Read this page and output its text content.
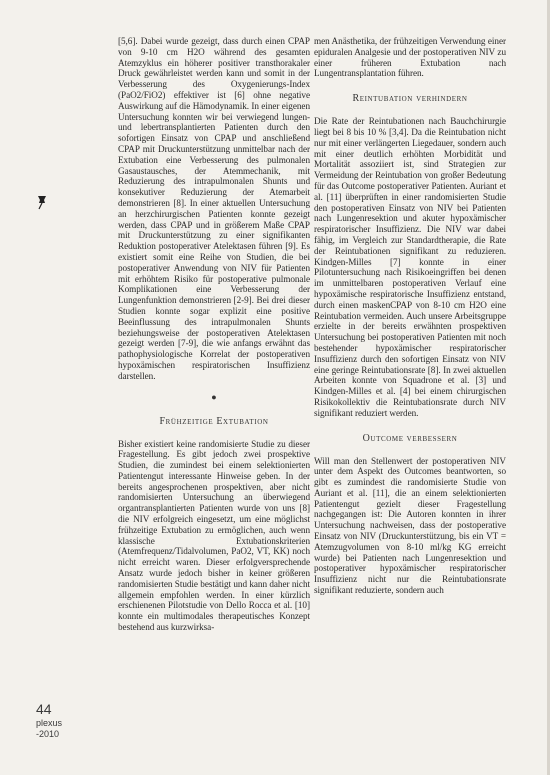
[5,6]. Dabei wurde gezeigt, dass durch einen CPAP von 9-10 cm H2O während des gesamten Atemzyklus ein höherer positiver transthorakaler Druck gewährleistet werden kann und somit in der Verbesserung des Oxygenierungs-Index (PaO2/FiO2) effektiver ist [6] ohne negative Auswirkung auf die Hämodynamik. In einer eigenen Untersuchung konnten wir bei verwiegend lungen- und lebertransplantierten Patienten durch den sofortigen Einsatz von CPAP und anschließend CPAP mit Druckunterstützung unmittelbar nach der Extubation eine Verbesserung des pulmonalen Gasaustausches, der Atemmechanik, mit Reduzierung des intrapulmonalen Shunts und konsekutiver Reduzierung der Atemarbeit demonstrieren [8]. In einer aktuellen Untersuchung an herzchirurgischen Patienten konnte gezeigt werden, dass CPAP und in größerem Maße CPAP mit Druckunterstützung zu einer signifikanten Reduktion postoperativer Atelektasen führen [9]. Es existiert somit eine Reihe von Studien, die bei postoperativer Anwendung von NIV für Patienten mit erhöhtem Risiko für postoperative pulmonale Komplikationen eine Verbesserung der Lungenfunktion demonstrieren [2-9]. Bei drei dieser Studien konnte sogar explizit eine positive Beeinflussung des intrapulmonalen Shunts beziehungsweise der postoperativen Atelektasen gezeigt werden [7-9], die wie anfangs erwähnt das pathophysiologische Korrelat der postoperativen hypoxämischen respiratorischen Insuffizienz darstellen.

●
Frühzeitige Extubation

Bisher existiert keine randomisierte Studie zu dieser Fragestellung. Es gibt jedoch zwei prospektive Studien, die zumindest bei einem selektionierten Patientengut interessante Hinweise geben. In der bereits angesprochenen prospektiven, aber nicht randomisierten Untersuchung an überwiegend organtransplantierten Patienten wurde von uns [8] die NIV erfolgreich eingesetzt, um eine möglichst frühzeitige Extubation zu ermöglichen, auch wenn klassische Extubationskriterien (Atemfrequenz/Tidalvolumen, PaO2, VT, KK) noch nicht erreicht waren. Dieser erfolgversprechende Ansatz wurde jedoch bisher in keiner größeren randomisierten Studie bestätigt und kann daher nicht allgemein empfohlen werden. In einer kürzlich erschienenen Pilotstudie von Dello Rocca et al. [10] konnte ein multimodales therapeutisches Konzept bestehend aus kurzwirksa-

men Anästhetika, der frühzeitigen Verwendung einer epiduralen Analgesie und der postoperativen NIV zu einer früheren Extubation nach Lungentransplantation führen.

Reintubation verhindern

Die Rate der Reintubationen nach Bauchchirurgie liegt bei 8 bis 10 % [3,4]. Da die Reintubation nicht nur mit einer verlängerten Liegedauer, sondern auch mit einer deutlich erhöhten Morbidität und Mortalität assoziiert ist, sind Strategien zur Vermeidung der Reintubation von großer Bedeutung für das Outcome postoperativer Patienten. Auriant et al. [11] überprüften in einer randomisierten Studie den postoperativen Einsatz von NIV bei Patienten nach Lungenresektion und akuter hypoxämischer respiratorischer Insuffizienz. Die NIV war dabei fähig, im Vergleich zur Standardtherapie, die Rate der Reintubationen signifikant zu reduzieren. Kindgen-Milles [7] konnte in einer Pilotuntersuchung nach Risikoeingriffen bei denen im unmittelbaren postoperativen Verlauf eine hypoxämische respiratorische Insuffizienz entstand, durch einen maskenCPAP von 8-10 cm H2O eine Reintubation vermeiden. Auch unsere Arbeitsgruppe erzielte in der bereits erwähnten prospektiven Untersuchung bei postoperativen Patienten mit noch bestehender hypoxämischer respiratorischer Insuffizienz durch den sofortigen Einsatz von NIV eine geringe Reintubationsrate [8]. In zwei aktuellen Arbeiten konnte von Squadrone et al. [3] und Kindgen-Milles et al. [4] bei einem chirurgischen Risikokollektiv die Reintubationsrate durch NIV signifikant reduziert werden.

Outcome verbessern

Will man den Stellenwert der postoperativen NIV unter dem Aspekt des Outcomes beantworten, so gibt es zumindest die randomisierte Studie von Auriant et al. [11], die an einem selektionierten Patientengut gezielt dieser Fragestellung nachgegangen ist: Die Autoren konnten in ihrer Untersuchung nachweisen, dass der postoperative Einsatz von NIV (Druckunterstützung, bis ein VT = Atemzugvolumen von 8-10 ml/kg KG erreicht wurde) bei Patienten nach Lungenresektion und postoperativer hypoxämischer respiratorischer Insuffizienz nicht nur die Reintubationsrate signifikant reduzierte, sondern auch

44
plexus
-2010
